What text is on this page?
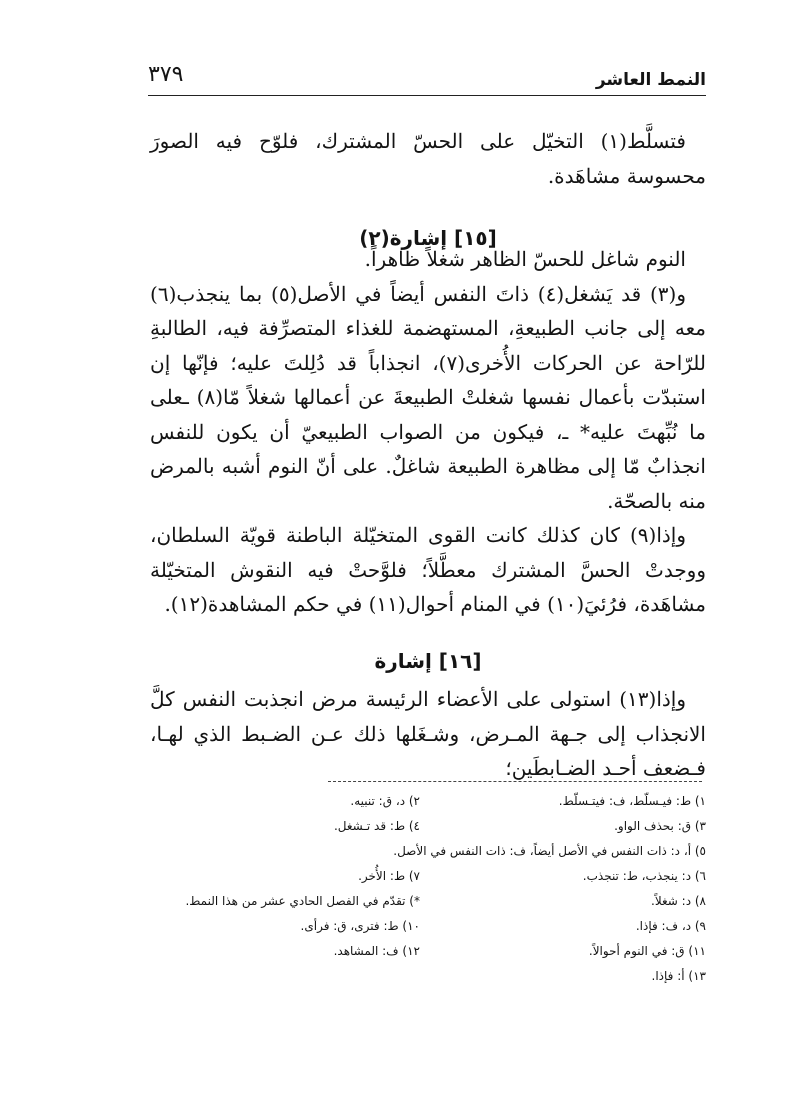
٣٧٩	النمط العاشر

فتسلَّط(١) التخيّل على الحسّ المشترك، فلوّح فيه الصورَ محسوسة مشاهَدة.

[١٥] إشارة(٢)

النوم شاغل للحسّ الظاهر شغلاً ظاهراً.

و(٣) قد يَشغل(٤) ذاتَ النفس أيضاً في الأصل(٥) بما ينجذب(٦) معه إلى جانب الطبيعةِ، المستهضمة للغذاء المتصرِّفة فيه، الطالبةِ للرّاحة عن الحركات الأُخرى(٧)، انجذاباً قد دُلِلتَ عليه؛ فإنّها إن استبدّت بأعمال نفسها شغلتْ الطبيعةَ عن أعمالها شغلاً مّا(٨) ـعلى ما نُبِّهتَ عليه* ـ، فيكون من الصواب الطبيعيّ أن يكون للنفس انجذابٌ مّا إلى مظاهرة الطبيعة شاغلٌ. على أنّ النوم أشبه بالمرض منه بالصحّة.

وإذا(٩) كان كذلك كانت القوى المتخيّلة الباطنة قويّة السلطان، ووجدتْ الحسَّ المشترك معطَّلاً؛ فلوَّحتْ فيه النقوش المتخيّلة مشاهَدة، فرُئيَ(١٠) في المنام أحوال(١١) في حكم المشاهدة(١٢).

[١٦] إشارة

وإذا(١٣) استولى على الأعضاء الرئيسة مرض انجذبت النفس كلَّ الانجذاب إلى جـهة المـرض، وشـغَلها ذلك عـن الضـبط الذي لهـا، فـضعف أحـد الضـابطَين؛

١) ط: فيـسلّط، ف: فيتـسلّط.
٢) د، ق: تنبيه.
٣) ق: بحذف الواو.
٤) ط: قد تـشغل.
٥) أ، د: ذات النفس في الأصل أيضاً، ف: ذات النفس في الأصل.
٦) د: ينجذب، ط: تنجذب.
٧) ط: الأُخر.
٨) د: شغلاً.
*) تقدّم في الفصل الحادي عشر من هذا النمط.
٩) د، ف: فإذا.
١٠) ط: فترى، ق: فرأى.
١١) ق: في النوم أحوالاً.
١٢) ف: المشاهد.
١٣) أ: فإذا.
